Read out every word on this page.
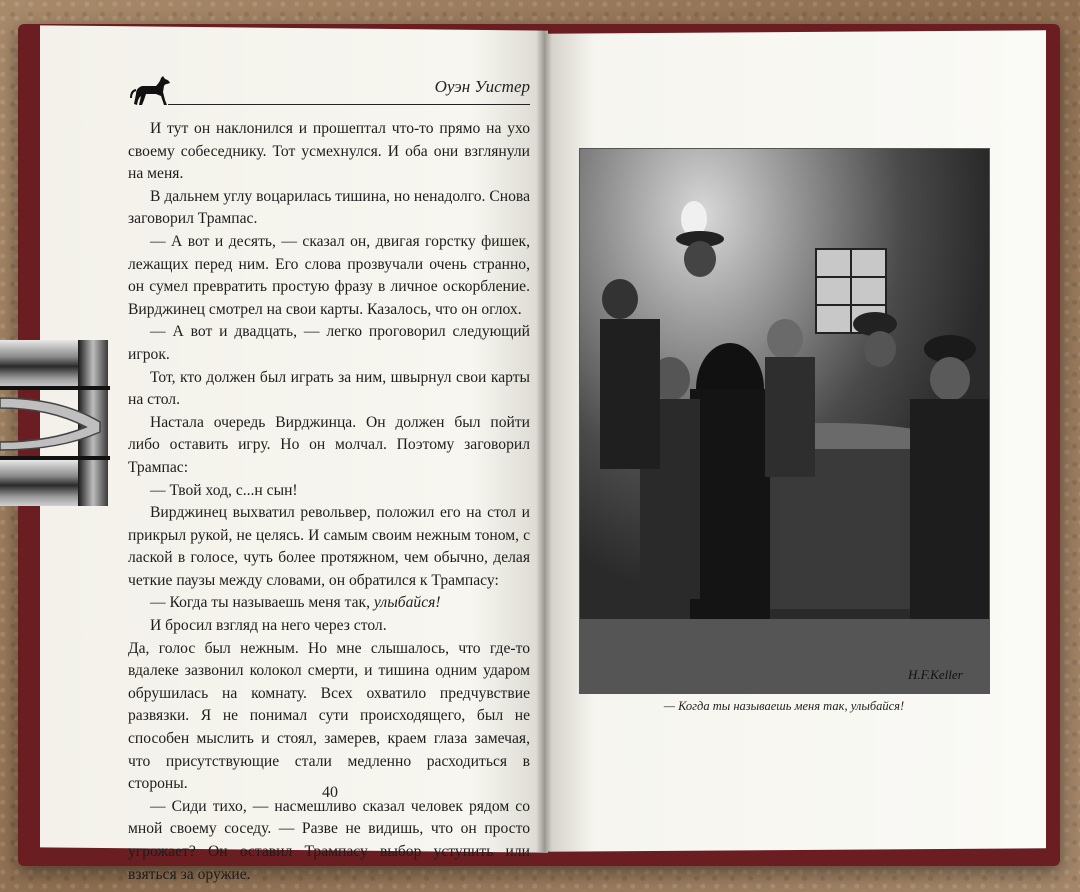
Оуэн Уистер

И тут он наклонился и прошептал что-то прямо на ухо своему собеседнику. Тот усмехнулся. И оба они взглянули на меня.

В дальнем углу воцарилась тишина, но ненадолго. Снова заговорил Трампас.

— А вот и десять, — сказал он, двигая горстку фишек, лежащих перед ним. Его слова прозвучали очень странно, он сумел превратить простую фразу в личное оскорбление. Вирджинец смотрел на свои карты. Казалось, что он оглох.

— А вот и двадцать, — легко проговорил следующий игрок.

Тот, кто должен был играть за ним, швырнул свои карты на стол.

Настала очередь Вирджинца. Он должен был пойти либо оставить игру. Но он молчал. Поэтому заговорил Трампас:

— Твой ход, с...н сын!

Вирджинец выхватил револьвер, положил его на стол и прикрыл рукой, не целясь. И самым своим нежным тоном, с лаской в голосе, чуть более протяжном, чем обычно, делая четкие паузы между словами, он обратился к Трампасу:

— Когда ты называешь меня так, улыбайся!

И бросил взгляд на него через стол.

Да, голос был нежным. Но мне слышалось, что где-то вдалеке зазвонил колокол смерти, и тишина одним ударом обрушилась на комнату. Всех охватило предчувствие развязки. Я не понимал сути происходящего, был не способен мыслить и стоял, замерев, краем глаза замечая, что присутствующие стали медленно расходиться в стороны.

— Сиди тихо, — насмешливо сказал человек рядом со мной своему соседу. — Разве не видишь, что он просто угрожает? Он оставил Трампасу выбор уступить или взяться за оружие.

40
H.F.Keller
— Когда ты называешь меня так, улыбайся!
